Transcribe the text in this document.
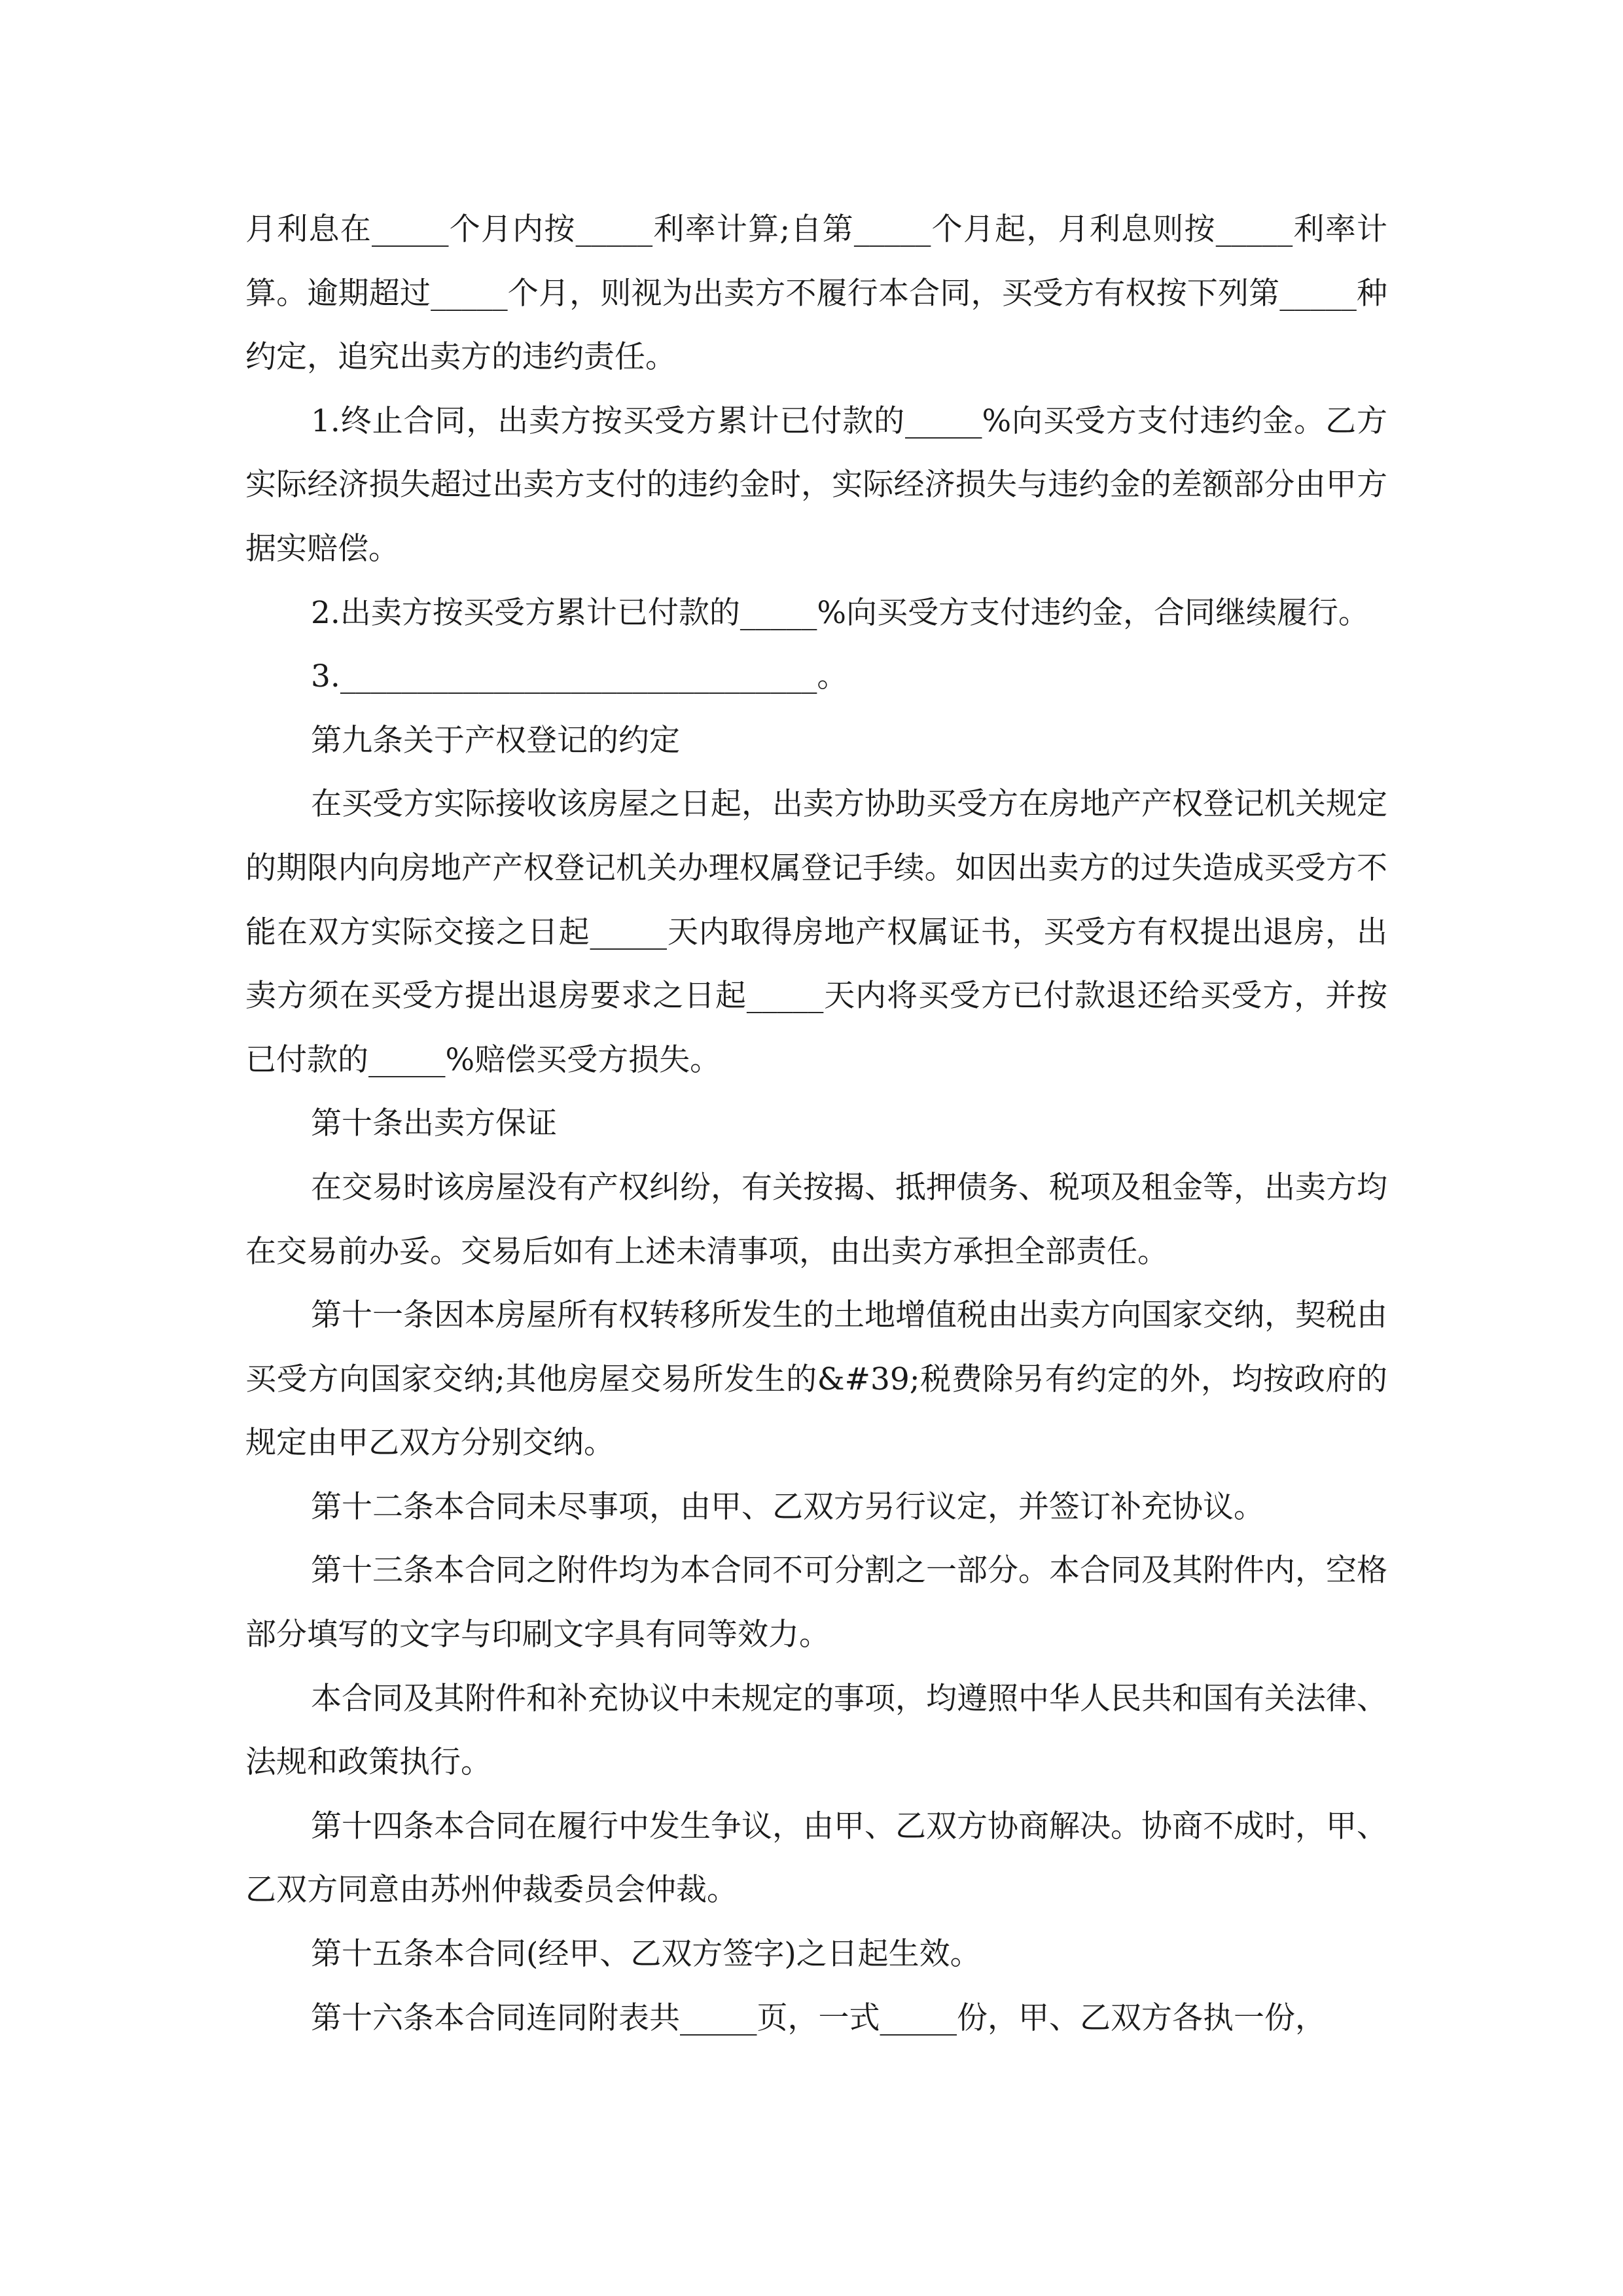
月利息在_____个月内按_____利率计算;自第_____个月起，月利息则按_____利率计算。逾期超过_____个月，则视为出卖方不履行本合同，买受方有权按下列第_____种约定，追究出卖方的违约责任。

1.终止合同，出卖方按买受方累计已付款的_____%向买受方支付违约金。乙方实际经济损失超过出卖方支付的违约金时，实际经济损失与违约金的差额部分由甲方据实赔偿。

2.出卖方按买受方累计已付款的_____%向买受方支付违约金，合同继续履行。

3._______________________________。

第九条关于产权登记的约定

在买受方实际接收该房屋之日起，出卖方协助买受方在房地产产权登记机关规定的期限内向房地产产权登记机关办理权属登记手续。如因出卖方的过失造成买受方不能在双方实际交接之日起_____天内取得房地产权属证书，买受方有权提出退房，出卖方须在买受方提出退房要求之日起_____天内将买受方已付款退还给买受方，并按已付款的_____%赔偿买受方损失。

第十条出卖方保证

在交易时该房屋没有产权纠纷，有关按揭、抵押债务、税项及租金等，出卖方均在交易前办妥。交易后如有上述未清事项，由出卖方承担全部责任。

第十一条因本房屋所有权转移所发生的土地增值税由出卖方向国家交纳，契税由买受方向国家交纳;其他房屋交易所发生的&#39;税费除另有约定的外，均按政府的规定由甲乙双方分别交纳。

第十二条本合同未尽事项，由甲、乙双方另行议定，并签订补充协议。

第十三条本合同之附件均为本合同不可分割之一部分。本合同及其附件内，空格部分填写的文字与印刷文字具有同等效力。

本合同及其附件和补充协议中未规定的事项，均遵照中华人民共和国有关法律、法规和政策执行。

第十四条本合同在履行中发生争议，由甲、乙双方协商解决。协商不成时，甲、乙双方同意由苏州仲裁委员会仲裁。

第十五条本合同(经甲、乙双方签字)之日起生效。

第十六条本合同连同附表共_____页，一式_____份，甲、乙双方各执一份，
